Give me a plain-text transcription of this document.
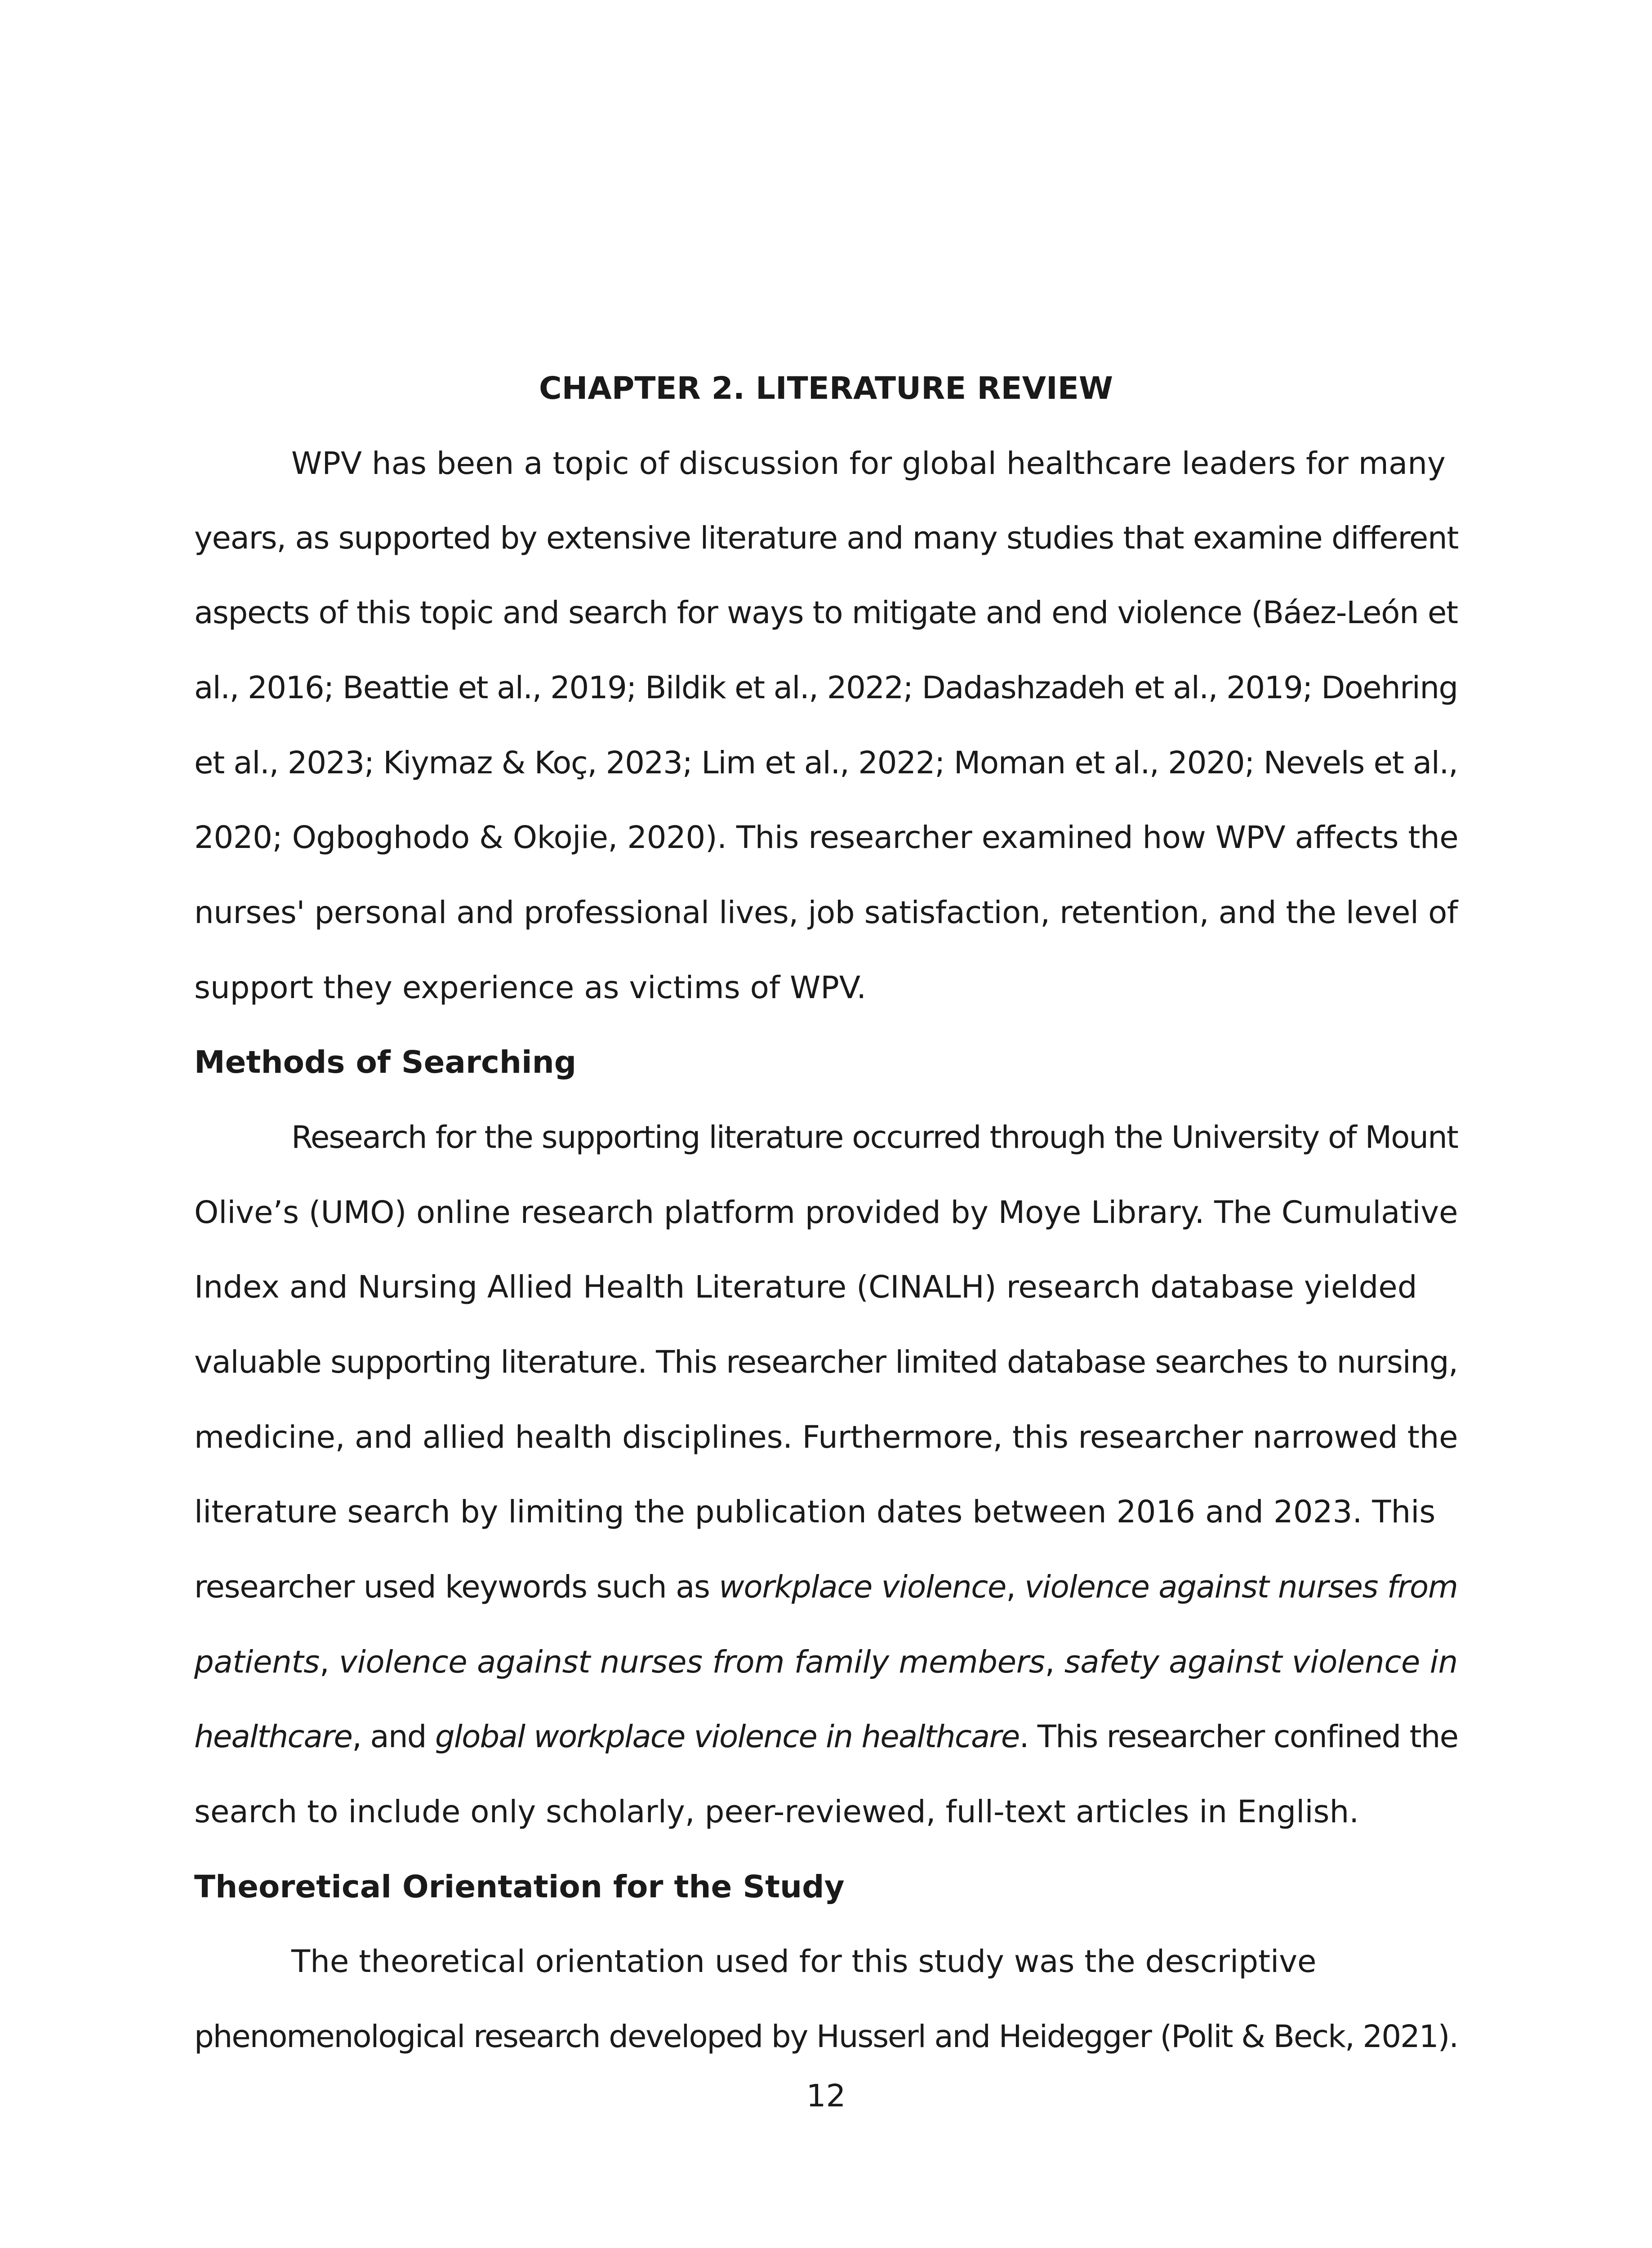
CHAPTER 2. LITERATURE REVIEW
WPV has been a topic of discussion for global healthcare leaders for many
years, as supported by extensive literature and many studies that examine different
aspects of this topic and search for ways to mitigate and end violence (Báez-León et
al., 2016; Beattie et al., 2019; Bildik et al., 2022; Dadashzadeh et al., 2019; Doehring
et al., 2023; Kiymaz & Koç, 2023; Lim et al., 2022; Moman et al., 2020; Nevels et al.,
2020; Ogboghodo & Okojie, 2020). This researcher examined how WPV affects the
nurses' personal and professional lives, job satisfaction, retention, and the level of
support they experience as victims of WPV.
Methods of Searching
Research for the supporting literature occurred through the University of Mount
Olive’s (UMO) online research platform provided by Moye Library. The Cumulative
Index and Nursing Allied Health Literature (CINALH) research database yielded
valuable supporting literature. This researcher limited database searches to nursing,
medicine, and allied health disciplines. Furthermore, this researcher narrowed the
literature search by limiting the publication dates between 2016 and 2023. This
researcher used keywords such as workplace violence, violence against nurses from
patients, violence against nurses from family members, safety against violence in
healthcare, and global workplace violence in healthcare. This researcher confined the
search to include only scholarly, peer-reviewed, full-text articles in English.
Theoretical Orientation for the Study
The theoretical orientation used for this study was the descriptive
phenomenological research developed by Husserl and Heidegger (Polit & Beck, 2021).
12
